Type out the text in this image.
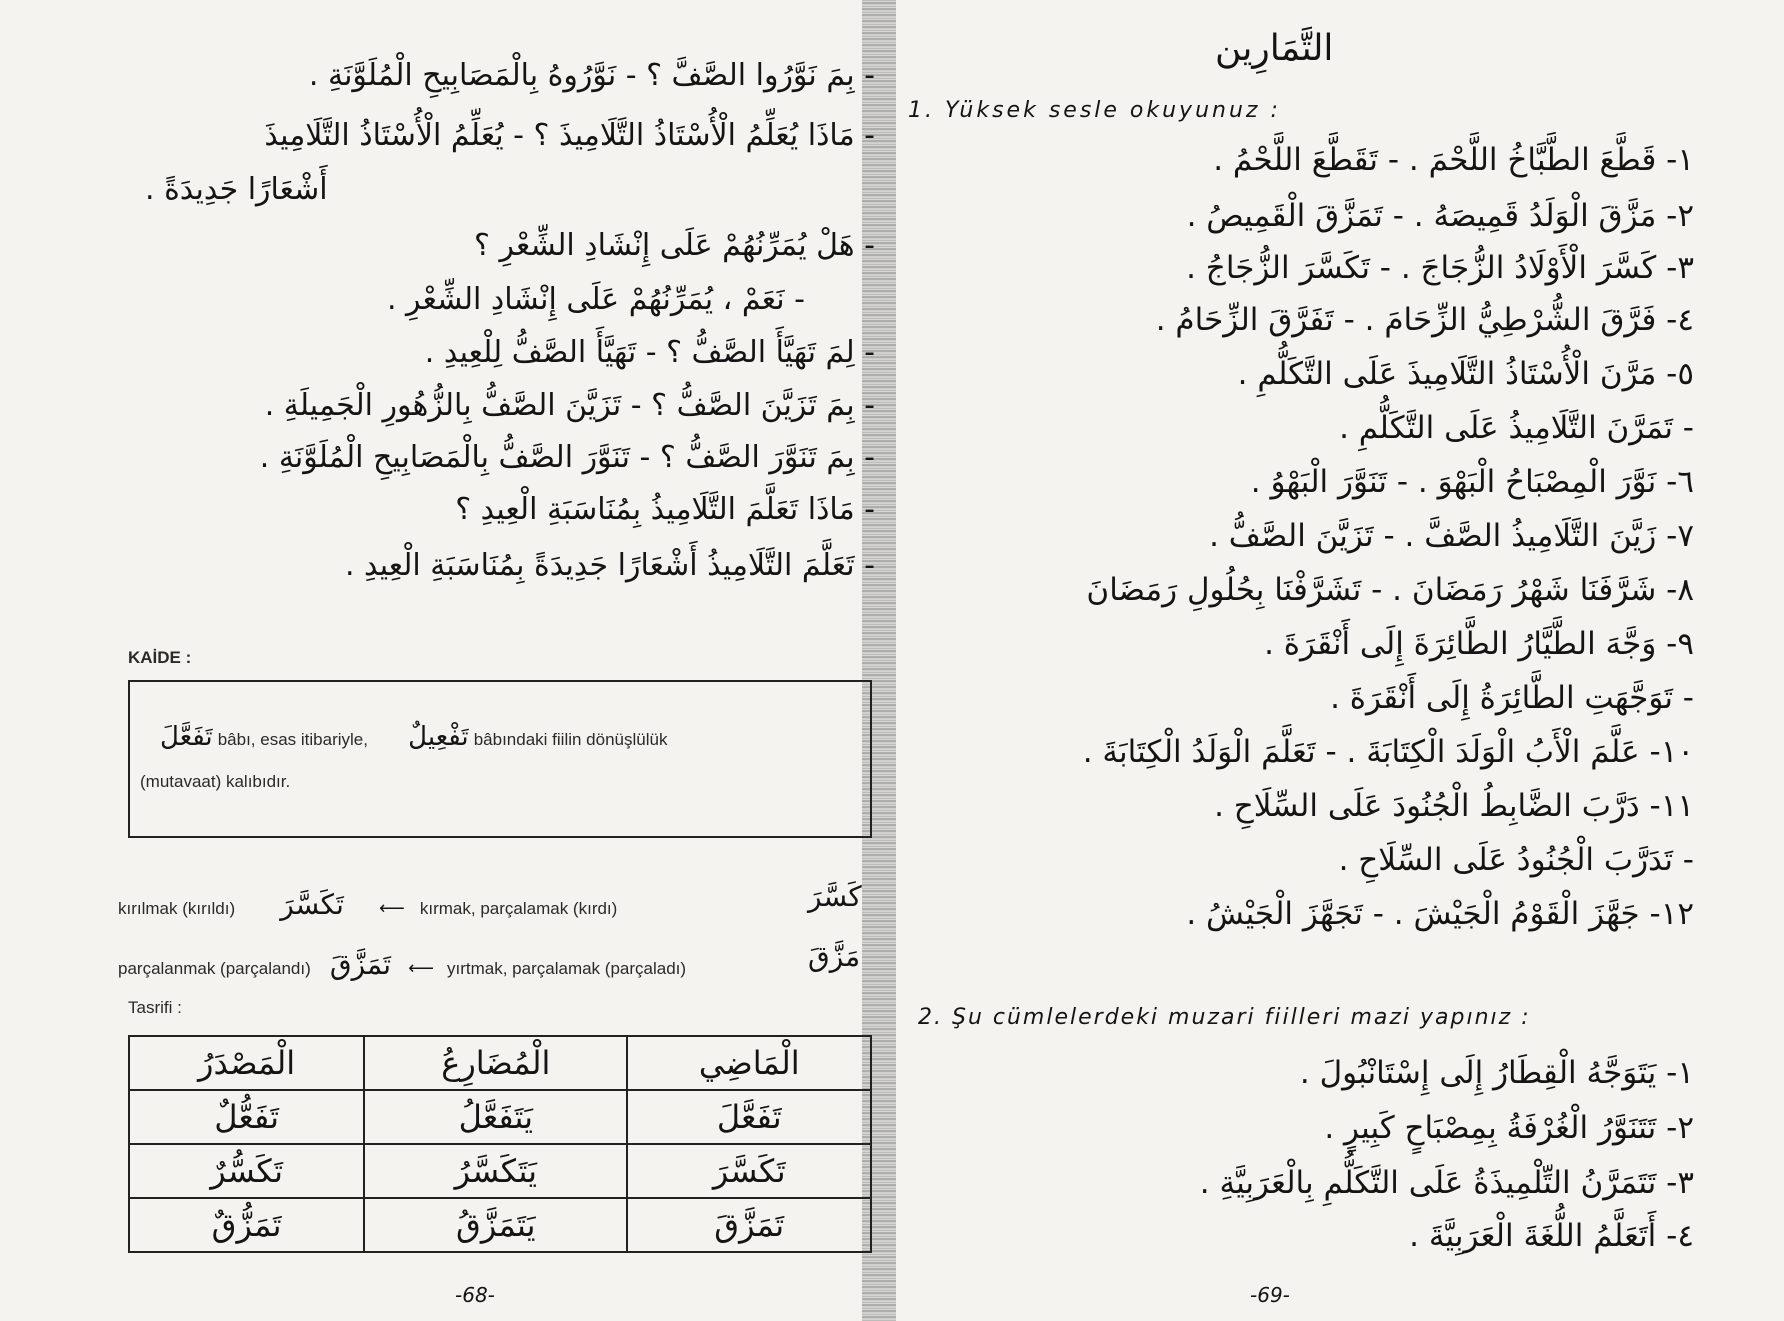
- بِمَ نَوَّرُوا الصَّفَّ ؟ - نَوَّرُوهُ بِالْمَصَابِيحِ الْمُلَوَّنَةِ .
- مَاذَا يُعَلِّمُ الْأُسْتَاذُ التَّلَامِيذَ ؟ - يُعَلِّمُ الْأُسْتَاذُ التَّلَامِيذَ
أَشْعَارًا جَدِيدَةً .
- هَلْ يُمَرِّنُهُمْ عَلَى إِنْشَادِ الشِّعْرِ ؟
- نَعَمْ ، يُمَرِّنُهُمْ عَلَى إِنْشَادِ الشِّعْرِ .
- لِمَ تَهَيَّأَ الصَّفُّ ؟ - تَهَيَّأَ الصَّفُّ لِلْعِيدِ .
- بِمَ تَزَيَّنَ الصَّفُّ ؟ - تَزَيَّنَ الصَّفُّ بِالزُّهُورِ الْجَمِيلَةِ .
- بِمَ تَنَوَّرَ الصَّفُّ ؟ - تَنَوَّرَ الصَّفُّ بِالْمَصَابِيحِ الْمُلَوَّنَةِ .
- مَاذَا تَعَلَّمَ التَّلَامِيذُ بِمُنَاسَبَةِ الْعِيدِ ؟
- تَعَلَّمَ التَّلَامِيذُ أَشْعَارًا جَدِيدَةً بِمُنَاسَبَةِ الْعِيدِ .
KAİDE :
تَفَعَّلَ bâbı, esas itibariyle, تَفْعِيلٌ bâbındaki fiilin dönüşlülük
(mutavaat) kalıbıdır.
kırılmak (kırıldı) تَكَسَّرَ ⟵ kırmak, parçalamak (kırdı)	كَسَّرَ
parçalanmak (parçalandı) تَمَزَّقَ ⟵ yırtmak, parçalamak (parçaladı)	مَزَّقَ
Tasrifi :
الْمَصْدَرُ	الْمُضَارِعُ	الْمَاضِي
تَفَعُّلٌ	يَتَفَعَّلُ	تَفَعَّلَ
تَكَسُّرٌ	يَتَكَسَّرُ	تَكَسَّرَ
تَمَزُّقٌ	يَتَمَزَّقُ	تَمَزَّقَ
-68-
التَّمَارِين
1. Yüksek sesle okuyunuz :
١- قَطَّعَ الطَّبَّاخُ اللَّحْمَ . - تَقَطَّعَ اللَّحْمُ .
٢- مَزَّقَ الْوَلَدُ قَمِيصَهُ . - تَمَزَّقَ الْقَمِيصُ .
٣- كَسَّرَ الْأَوْلَادُ الزُّجَاجَ . - تَكَسَّرَ الزُّجَاجُ .
٤- فَرَّقَ الشُّرْطِيُّ الزِّحَامَ . - تَفَرَّقَ الزِّحَامُ .
٥- مَرَّنَ الْأُسْتَاذُ التَّلَامِيذَ عَلَى التَّكَلُّمِ .
- تَمَرَّنَ التَّلَامِيذُ عَلَى التَّكَلُّمِ .
٦- نَوَّرَ الْمِصْبَاحُ الْبَهْوَ . - تَنَوَّرَ الْبَهْوُ .
٧- زَيَّنَ التَّلَامِيذُ الصَّفَّ . - تَزَيَّنَ الصَّفُّ .
٨- شَرَّفَنَا شَهْرُ رَمَضَانَ . - تَشَرَّفْنَا بِحُلُولِ رَمَضَانَ
٩- وَجَّهَ الطَّيَّارُ الطَّائِرَةَ إِلَى أَنْقَرَةَ .
- تَوَجَّهَتِ الطَّائِرَةُ إِلَى أَنْقَرَةَ .
١٠- عَلَّمَ الْأَبُ الْوَلَدَ الْكِتَابَةَ . - تَعَلَّمَ الْوَلَدُ الْكِتَابَةَ .
١١- دَرَّبَ الضَّابِطُ الْجُنُودَ عَلَى السِّلَاحِ .
- تَدَرَّبَ الْجُنُودُ عَلَى السِّلَاحِ .
١٢- جَهَّزَ الْقَوْمُ الْجَيْشَ . - تَجَهَّزَ الْجَيْشُ .
2. Şu cümlelerdeki muzari fiilleri mazi yapınız :
١- يَتَوَجَّهُ الْقِطَارُ إِلَى إِسْتَانْبُولَ .
٢- تَتَنَوَّرُ الْغُرْفَةُ بِمِصْبَاحٍ كَبِيرٍ .
٣- تَتَمَرَّنُ التِّلْمِيذَةُ عَلَى التَّكَلُّمِ بِالْعَرَبِيَّةِ .
٤- أَتَعَلَّمُ اللُّغَةَ الْعَرَبِيَّةَ .
-69-
